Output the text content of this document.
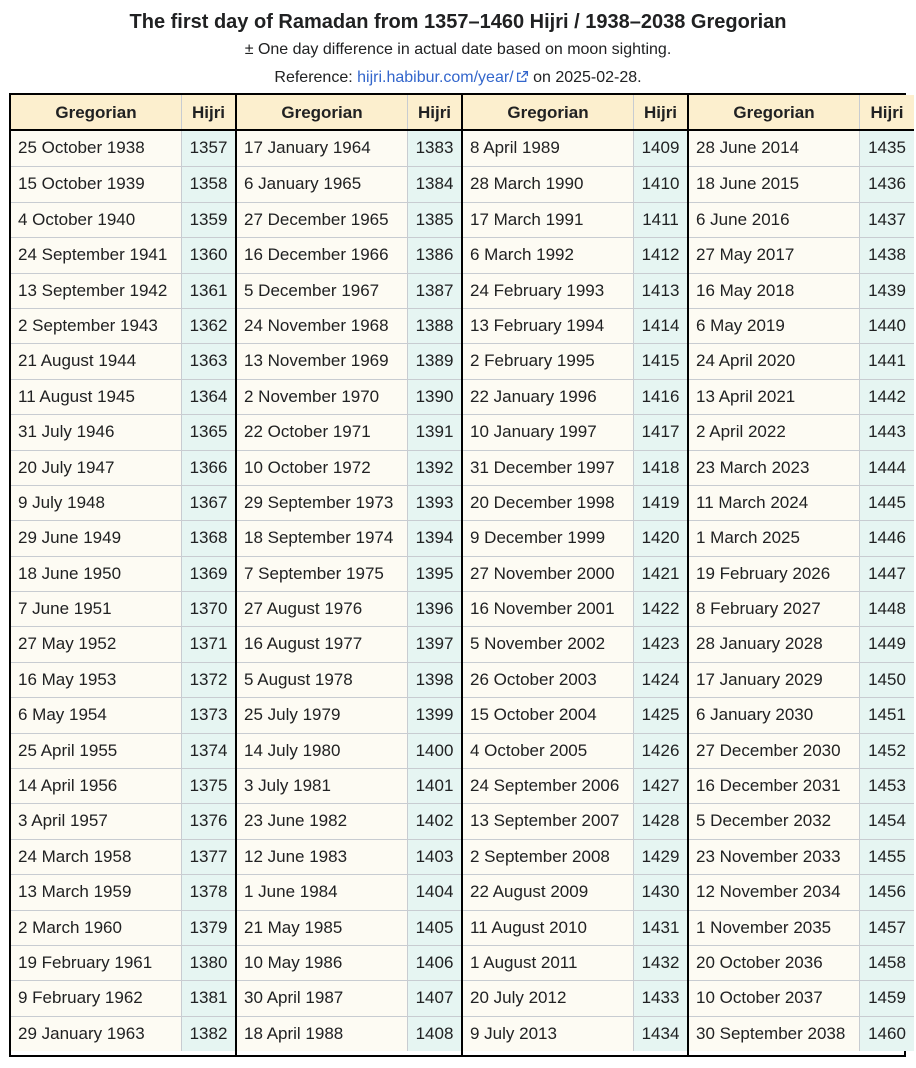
The first day of Ramadan from 1357–1460 Hijri / 1938–2038 Gregorian
± One day difference in actual date based on moon sighting.
Reference: hijri.habibur.com/year/ on 2025-02-28.
Gregorian	Hijri
25 October 1938	1357
15 October 1939	1358
4 October 1940	1359
24 September 1941	1360
13 September 1942	1361
2 September 1943	1362
21 August 1944	1363
11 August 1945	1364
31 July 1946	1365
20 July 1947	1366
9 July 1948	1367
29 June 1949	1368
18 June 1950	1369
7 June 1951	1370
27 May 1952	1371
16 May 1953	1372
6 May 1954	1373
25 April 1955	1374
14 April 1956	1375
3 April 1957	1376
24 March 1958	1377
13 March 1959	1378
2 March 1960	1379
19 February 1961	1380
9 February 1962	1381
29 January 1963	1382
Gregorian	Hijri
17 January 1964	1383
6 January 1965	1384
27 December 1965	1385
16 December 1966	1386
5 December 1967	1387
24 November 1968	1388
13 November 1969	1389
2 November 1970	1390
22 October 1971	1391
10 October 1972	1392
29 September 1973	1393
18 September 1974	1394
7 September 1975	1395
27 August 1976	1396
16 August 1977	1397
5 August 1978	1398
25 July 1979	1399
14 July 1980	1400
3 July 1981	1401
23 June 1982	1402
12 June 1983	1403
1 June 1984	1404
21 May 1985	1405
10 May 1986	1406
30 April 1987	1407
18 April 1988	1408
Gregorian	Hijri
8 April 1989	1409
28 March 1990	1410
17 March 1991	1411
6 March 1992	1412
24 February 1993	1413
13 February 1994	1414
2 February 1995	1415
22 January 1996	1416
10 January 1997	1417
31 December 1997	1418
20 December 1998	1419
9 December 1999	1420
27 November 2000	1421
16 November 2001	1422
5 November 2002	1423
26 October 2003	1424
15 October 2004	1425
4 October 2005	1426
24 September 2006	1427
13 September 2007	1428
2 September 2008	1429
22 August 2009	1430
11 August 2010	1431
1 August 2011	1432
20 July 2012	1433
9 July 2013	1434
Gregorian	Hijri
28 June 2014	1435
18 June 2015	1436
6 June 2016	1437
27 May 2017	1438
16 May 2018	1439
6 May 2019	1440
24 April 2020	1441
13 April 2021	1442
2 April 2022	1443
23 March 2023	1444
11 March 2024	1445
1 March 2025	1446
19 February 2026	1447
8 February 2027	1448
28 January 2028	1449
17 January 2029	1450
6 January 2030	1451
27 December 2030	1452
16 December 2031	1453
5 December 2032	1454
23 November 2033	1455
12 November 2034	1456
1 November 2035	1457
20 October 2036	1458
10 October 2037	1459
30 September 2038	1460
